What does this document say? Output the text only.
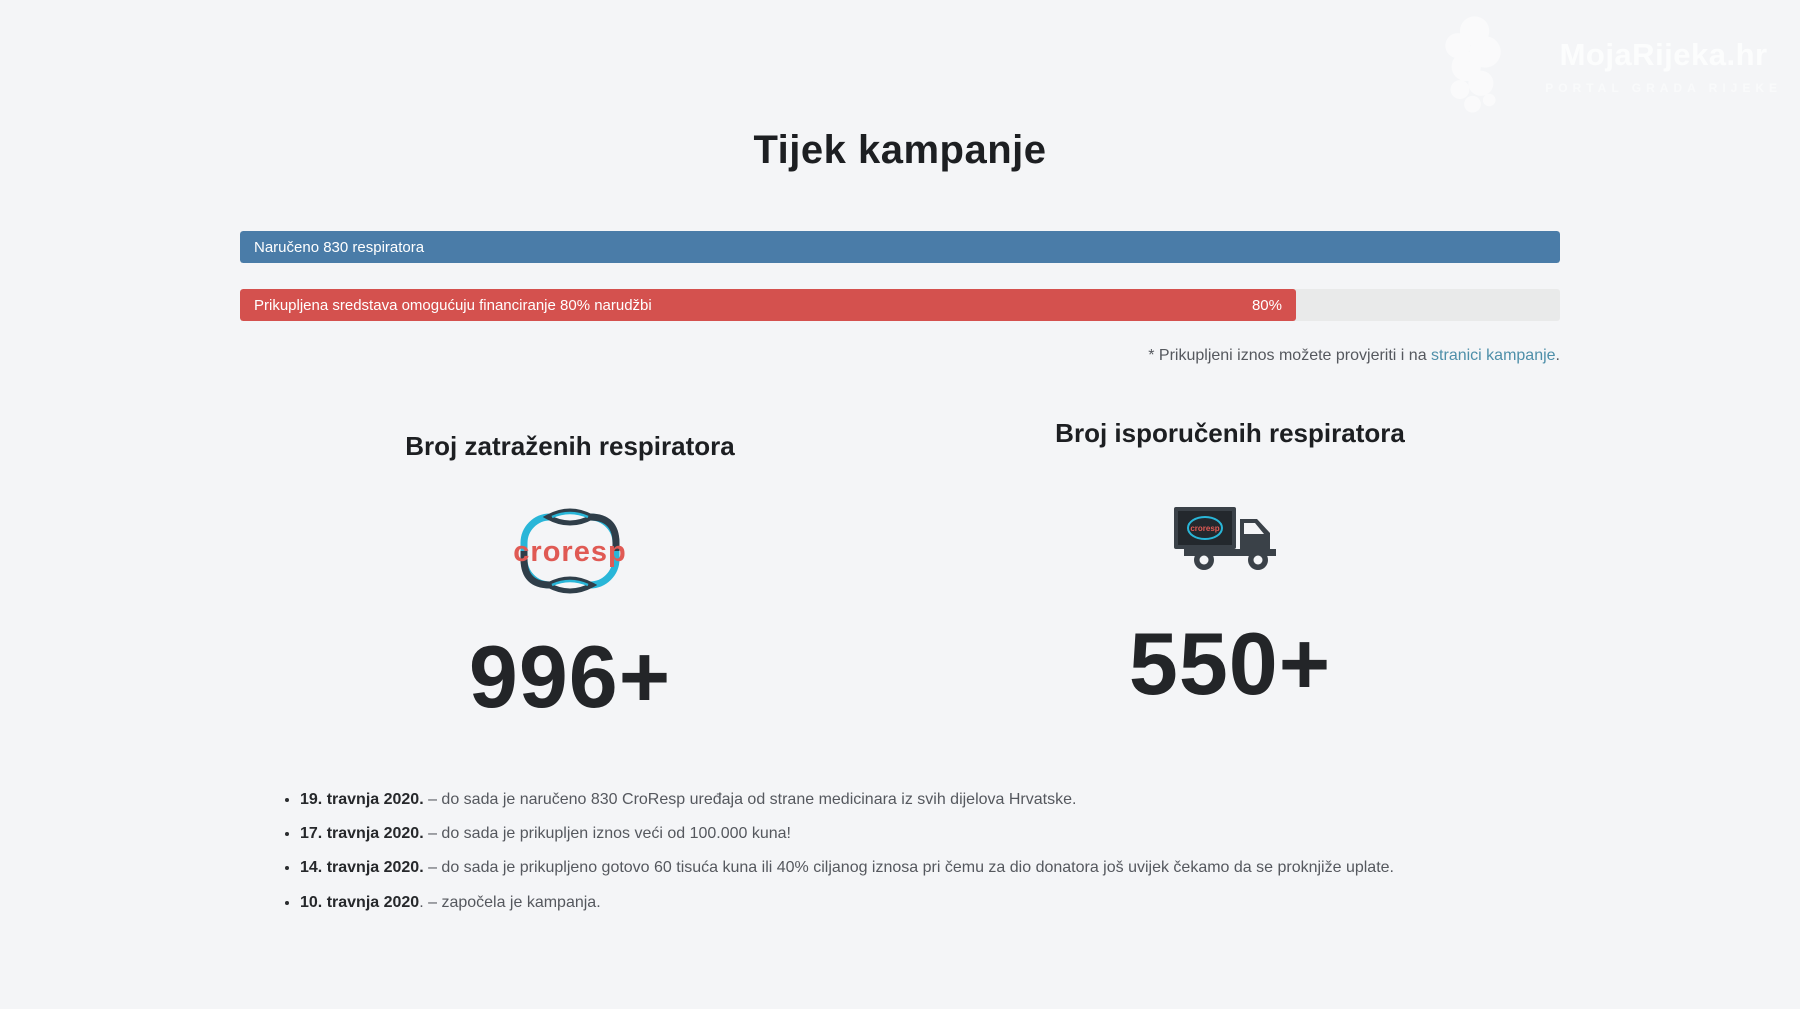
MojaRijeka.hr
PORTAL GRADA RIJEKE
Tijek kampanje
Naručeno 830 respiratora
Prikupljena sredstava omogućuju financiranje 80% narudžbi	80%
* Prikupljeni iznos možete provjeriti i na stranici kampanje.
Broj zatraženih respiratora
croresp
996+
Broj isporučenih respiratora
croresp
550+
• 19. travnja 2020. – do sada je naručeno 830 CroResp uređaja od strane medicinara iz svih dijelova Hrvatske.
• 17. travnja 2020. – do sada je prikupljen iznos veći od 100.000 kuna!
• 14. travnja 2020. – do sada je prikupljeno gotovo 60 tisuća kuna ili 40% ciljanog iznosa pri čemu za dio donatora još uvijek čekamo da se proknjiže uplate.
• 10. travnja 2020. – započela je kampanja.
